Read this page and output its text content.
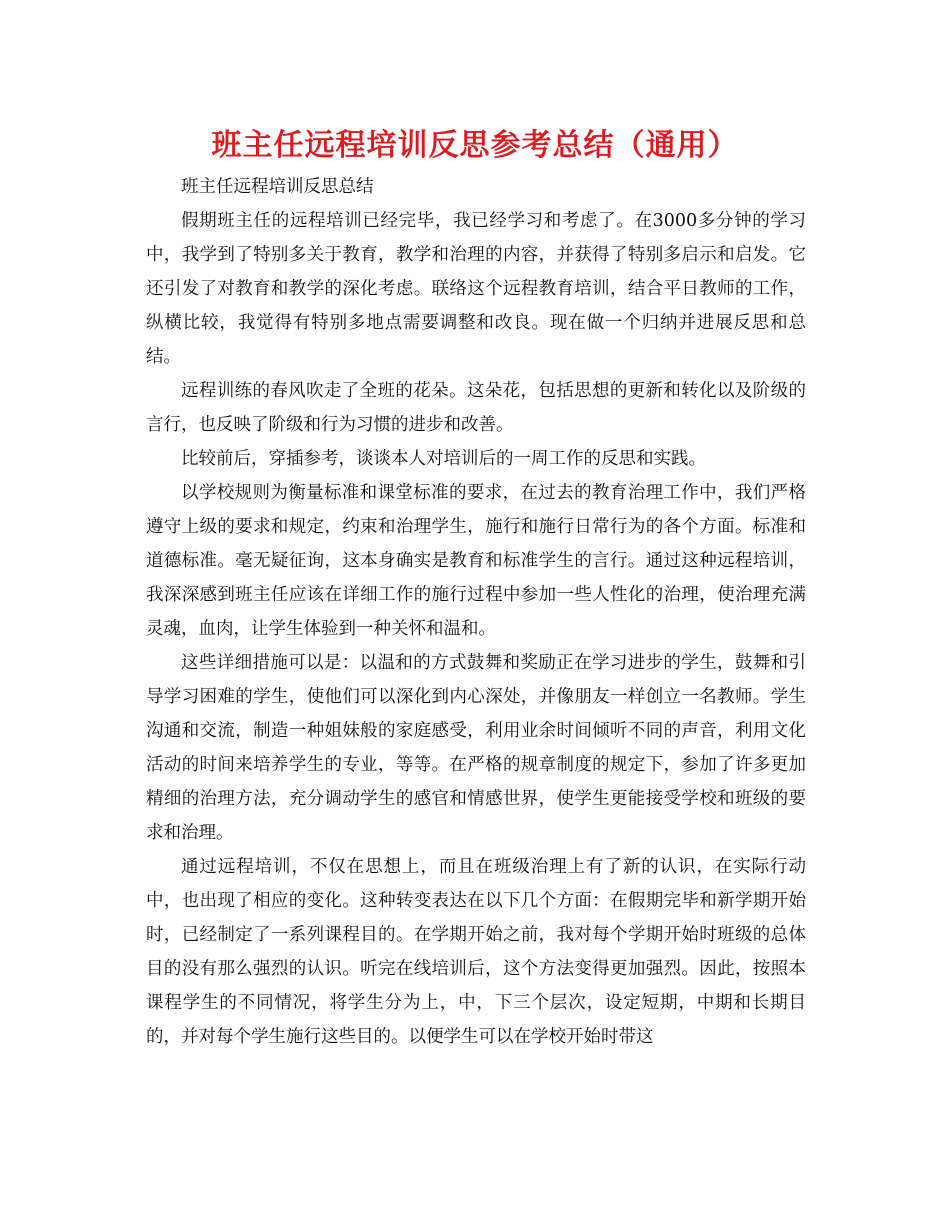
班主任远程培训反思参考总结（通用）

班主任远程培训反思总结

假期班主任的远程培训已经完毕，我已经学习和考虑了。在3000多分钟的学习中，我学到了特别多关于教育，教学和治理的内容，并获得了特别多启示和启发。它还引发了对教育和教学的深化考虑。联络这个远程教育培训，结合平日教师的工作，纵横比较，我觉得有特别多地点需要调整和改良。现在做一个归纳并进展反思和总结。

远程训练的春风吹走了全班的花朵。这朵花，包括思想的更新和转化以及阶级的言行，也反映了阶级和行为习惯的进步和改善。

比较前后，穿插参考，谈谈本人对培训后的一周工作的反思和实践。

以学校规则为衡量标准和课堂标准的要求，在过去的教育治理工作中，我们严格遵守上级的要求和规定，约束和治理学生，施行和施行日常行为的各个方面。标准和道德标准。毫无疑征询，这本身确实是教育和标准学生的言行。通过这种远程培训，我深深感到班主任应该在详细工作的施行过程中参加一些人性化的治理，使治理充满灵魂，血肉，让学生体验到一种关怀和温和。

这些详细措施可以是：以温和的方式鼓舞和奖励正在学习进步的学生，鼓舞和引导学习困难的学生，使他们可以深化到内心深处，并像朋友一样创立一名教师。学生沟通和交流，制造一种姐妹般的家庭感受，利用业余时间倾听不同的声音，利用文化活动的时间来培养学生的专业，等等。在严格的规章制度的规定下，参加了许多更加精细的治理方法，充分调动学生的感官和情感世界，使学生更能接受学校和班级的要求和治理。

通过远程培训，不仅在思想上，而且在班级治理上有了新的认识，在实际行动中，也出现了相应的变化。这种转变表达在以下几个方面：在假期完毕和新学期开始时，已经制定了一系列课程目的。在学期开始之前，我对每个学期开始时班级的总体目的没有那么强烈的认识。听完在线培训后，这个方法变得更加强烈。因此，按照本课程学生的不同情况，将学生分为上，中，下三个层次，设定短期，中期和长期目的，并对每个学生施行这些目的。以便学生可以在学校开始时带这
